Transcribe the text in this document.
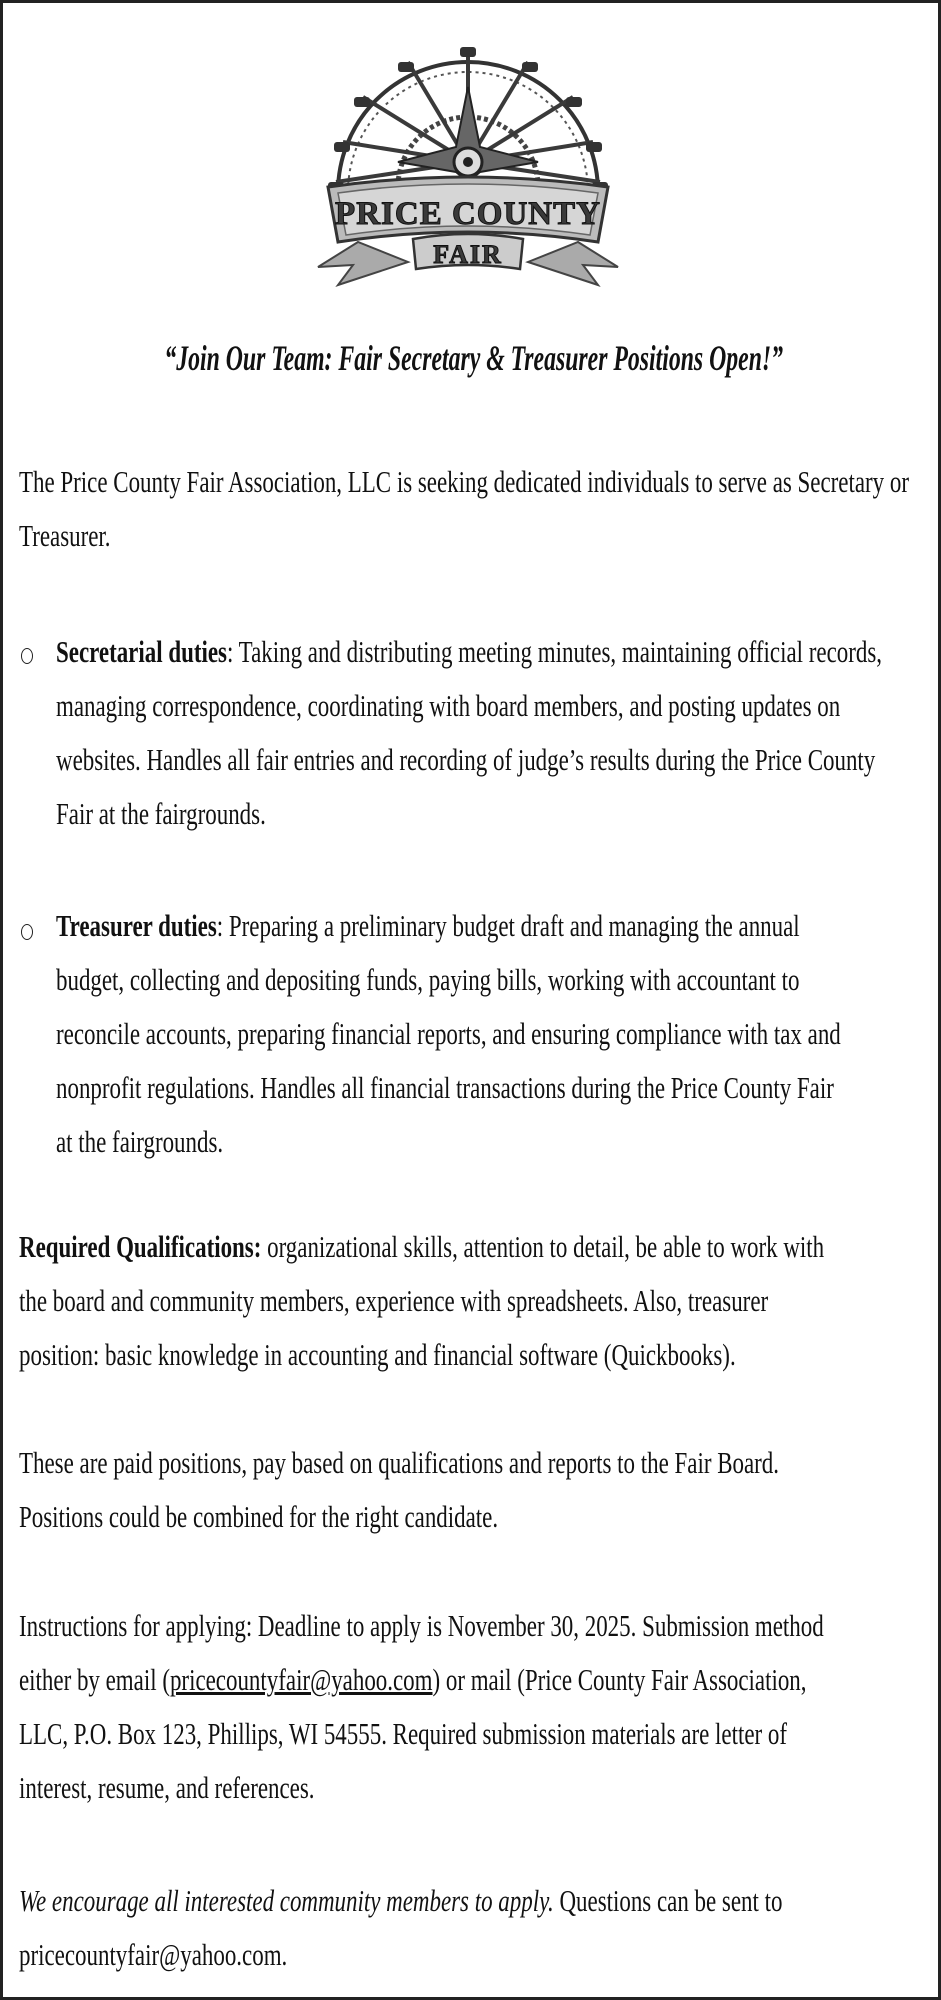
PRICE COUNTY
FAIR
“Join Our Team: Fair Secretary & Treasurer Positions Open!”
The Price County Fair Association, LLC is seeking dedicated individuals to serve as Secretary or
Treasurer.
Secretarial duties: Taking and distributing meeting minutes, maintaining official records,
managing correspondence, coordinating with board members, and posting updates on
websites. Handles all fair entries and recording of judge’s results during the Price County
Fair at the fairgrounds.
Treasurer duties: Preparing a preliminary budget draft and managing the annual
budget, collecting and depositing funds, paying bills, working with accountant to
reconcile accounts, preparing financial reports, and ensuring compliance with tax and
nonprofit regulations. Handles all financial transactions during the Price County Fair
at the fairgrounds.
Required Qualifications: organizational skills, attention to detail, be able to work with
the board and community members, experience with spreadsheets. Also, treasurer
position: basic knowledge in accounting and financial software (Quickbooks).
These are paid positions, pay based on qualifications and reports to the Fair Board.
Positions could be combined for the right candidate.
Instructions for applying: Deadline to apply is November 30, 2025. Submission method
either by email (pricecountyfair@yahoo.com) or mail (Price County Fair Association,
LLC, P.O. Box 123, Phillips, WI 54555. Required submission materials are letter of
interest, resume, and references.
We encourage all interested community members to apply. Questions can be sent to
pricecountyfair@yahoo.com.
